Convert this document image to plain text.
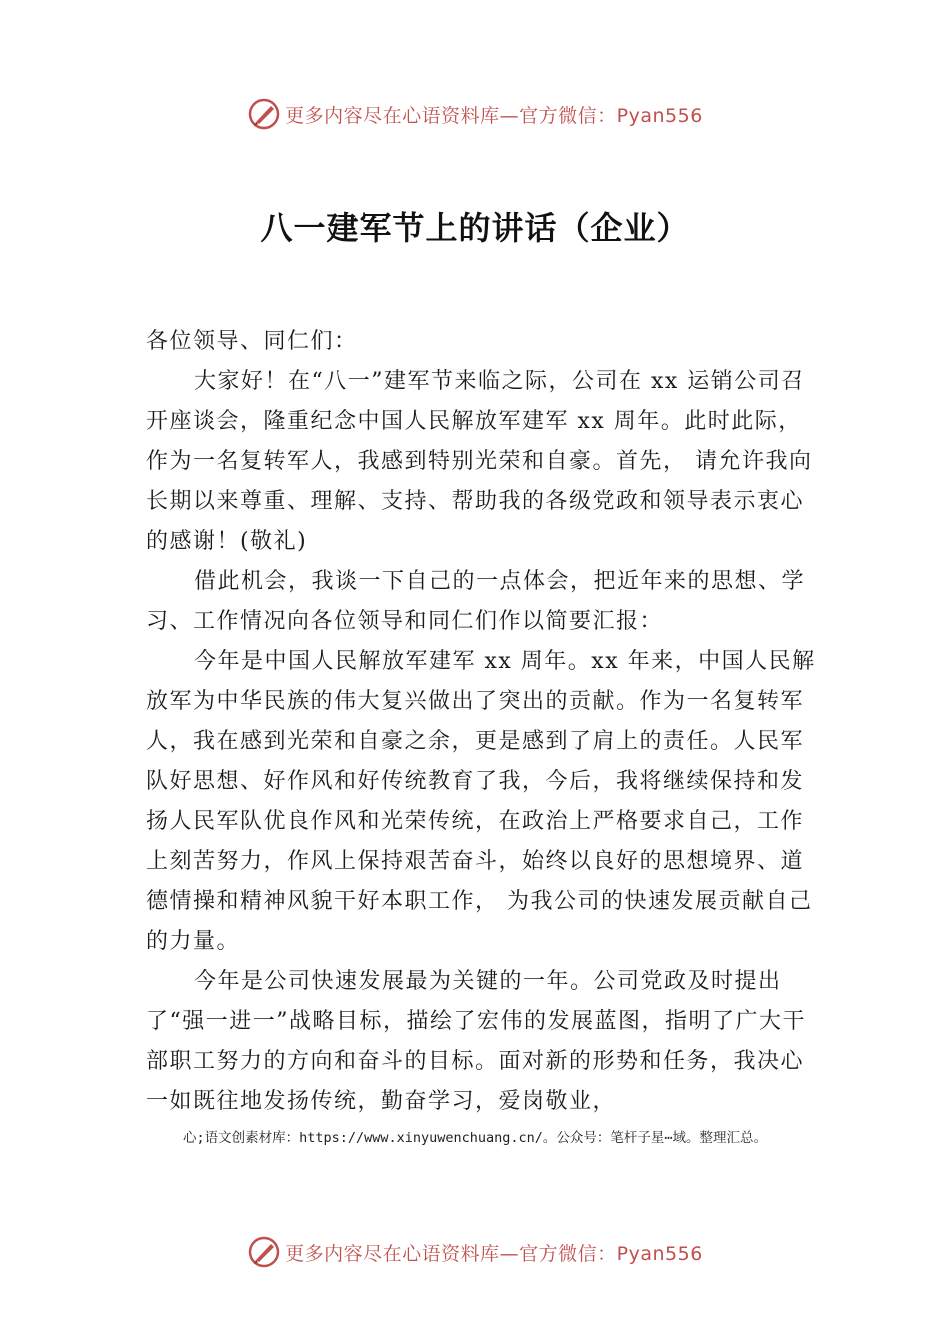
更多内容尽在心语资料库—官方微信：Pyan556
八一建军节上的讲话（企业）

各位领导、同仁们：

大家好！在“八一”建军节来临之际，公司在 xx 运销公司召开座谈会，隆重纪念中国人民解放军建军 xx 周年。此时此际，作为一名复转军人，我感到特别光荣和自豪。首先， 请允许我向长期以来尊重、理解、支持、帮助我的各级党政和领导表示衷心的感谢！(敬礼)

借此机会，我谈一下自己的一点体会，把近年来的思想、学习、工作情况向各位领导和同仁们作以简要汇报：

今年是中国人民解放军建军 xx 周年。xx 年来，中国人民解放军为中华民族的伟大复兴做出了突出的贡献。作为一名复转军人，我在感到光荣和自豪之余，更是感到了肩上的责任。人民军队好思想、好作风和好传统教育了我，今后，我将继续保持和发扬人民军队优良作风和光荣传统，在政治上严格要求自己，工作上刻苦努力，作风上保持艰苦奋斗，始终以良好的思想境界、道德情操和精神风貌干好本职工作， 为我公司的快速发展贡献自己的力量。

今年是公司快速发展最为关键的一年。公司党政及时提出了“强一进一”战略目标，描绘了宏伟的发展蓝图，指明了广大干部职工努力的方向和奋斗的目标。面对新的形势和任务，我决心一如既往地发扬传统，勤奋学习，爱岗敬业，

心;语文创素材库：https://www.xinyuwenchuang.cn/。公众号：笔杆子星⋯域。整理汇总。
更多内容尽在心语资料库—官方微信：Pyan556
